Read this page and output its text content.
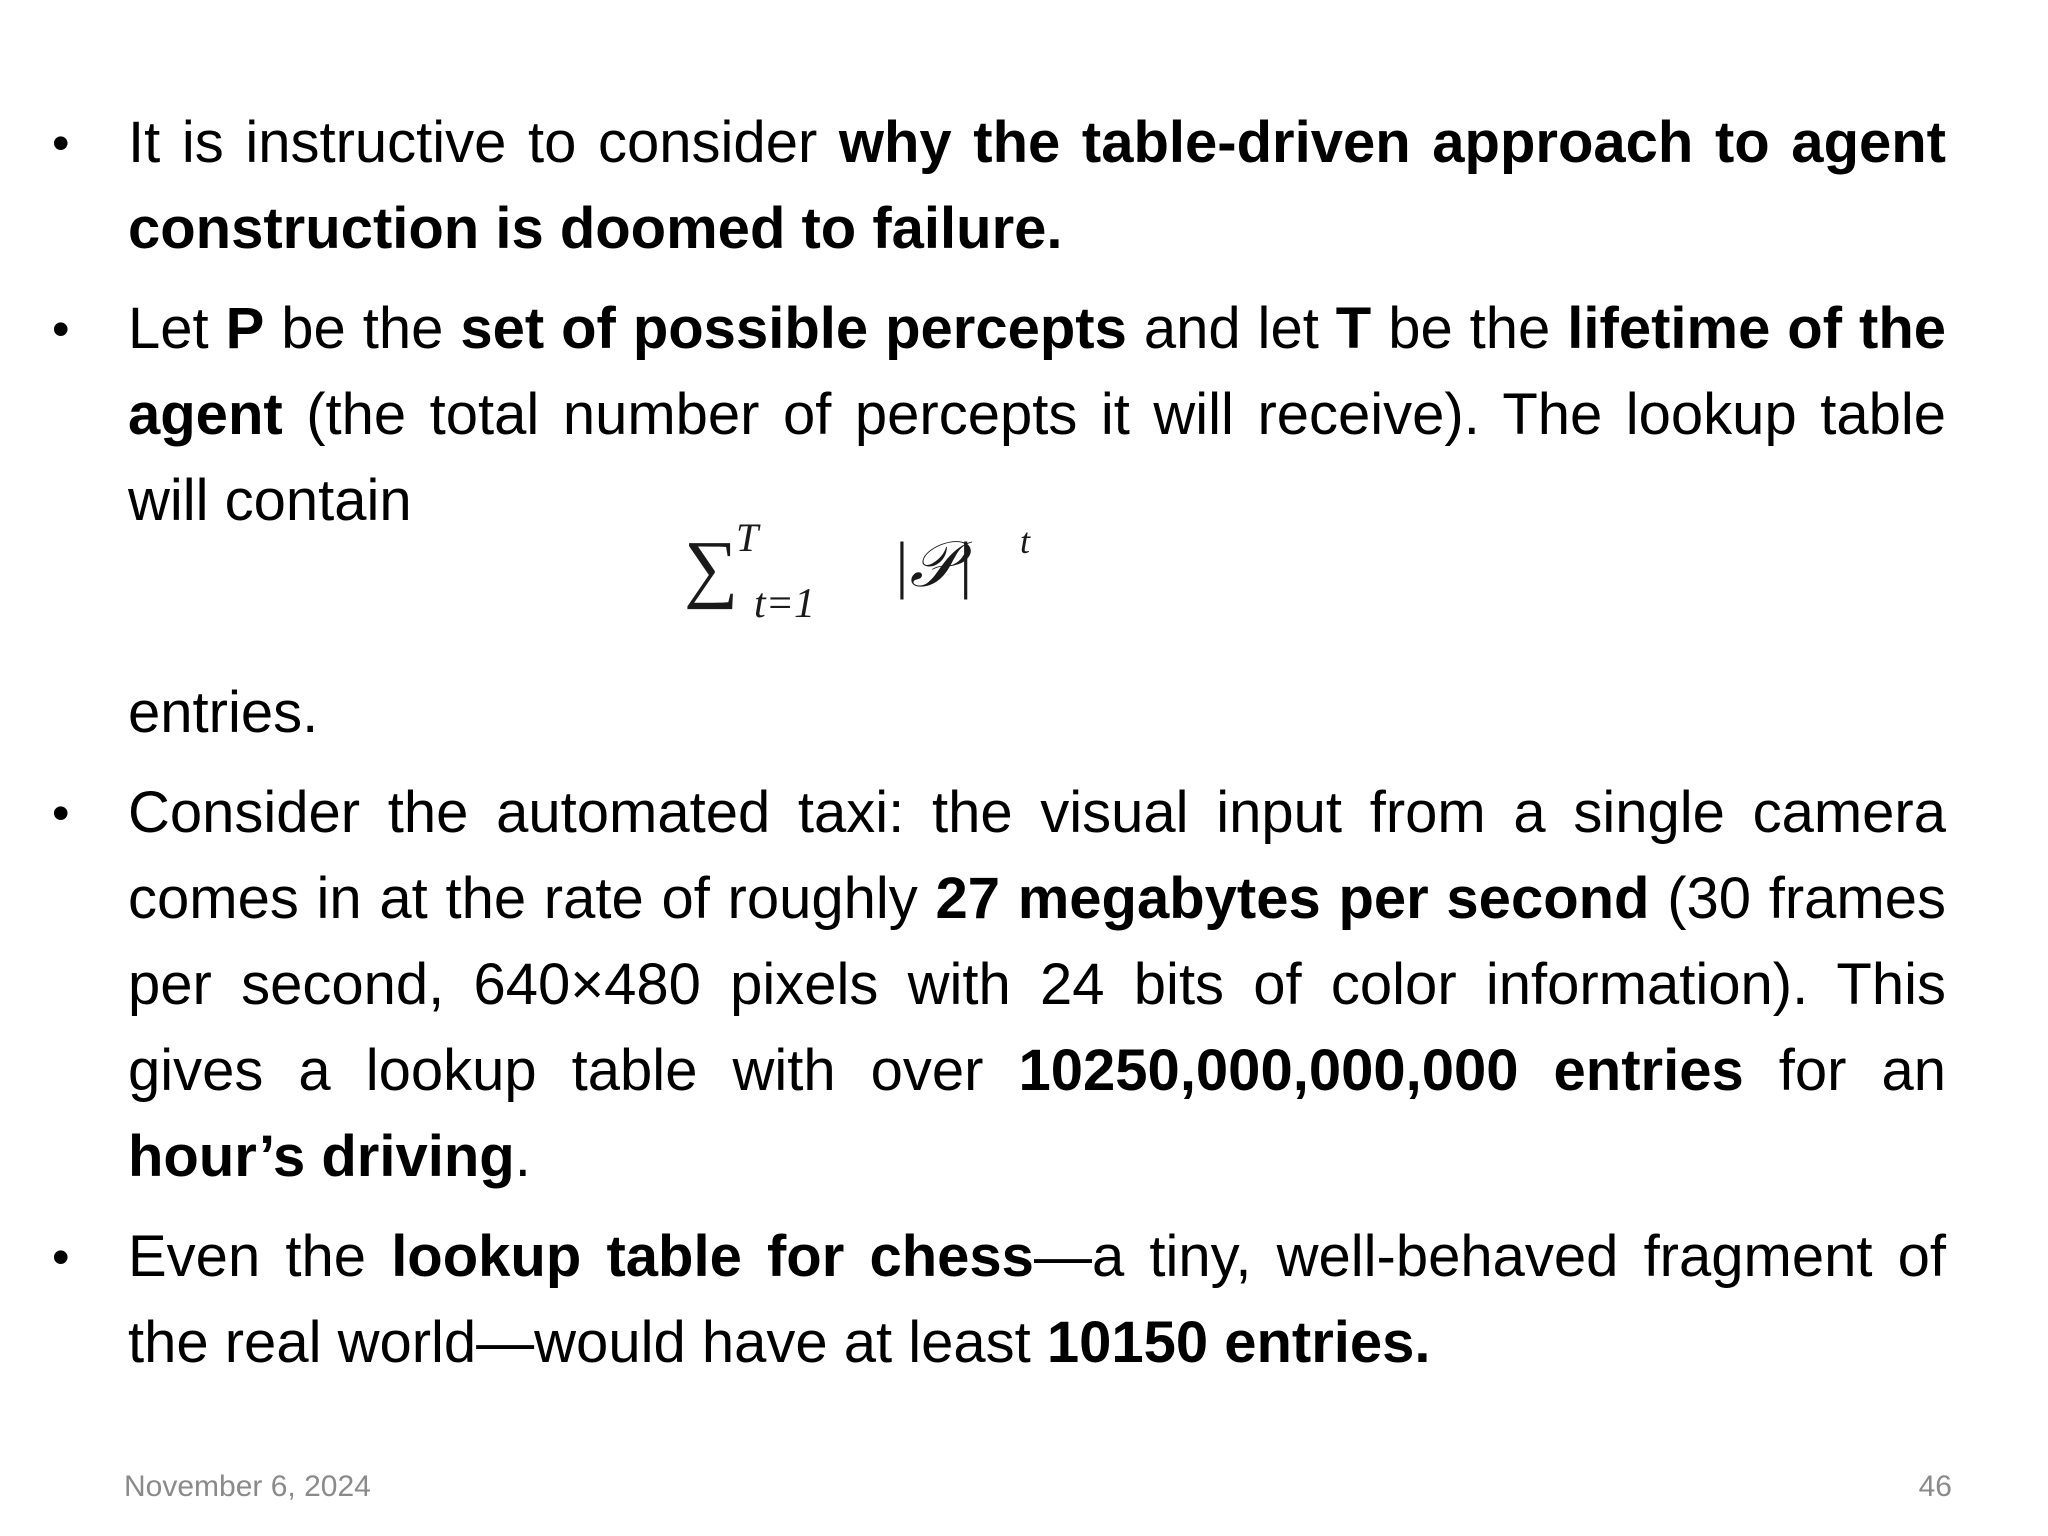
• It is instructive to consider why the table-driven approach to agent construction is doomed to failure.
• Let P be the set of possible percepts and let T be the lifetime of the agent (the total number of percepts it will receive). The lookup table will contain
∑
T
t=1
|𝒫| t
entries.
• Consider the automated taxi: the visual input from a single camera comes in at the rate of roughly 27 megabytes per second (30 frames per second, 640×480 pixels with 24 bits of color information). This gives a lookup table with over 10250,000,000,000 entries for an hour’s driving.
• Even the lookup table for chess—a tiny, well-behaved fragment of the real world—would have at least 10150 entries.
November 6, 2024	46
